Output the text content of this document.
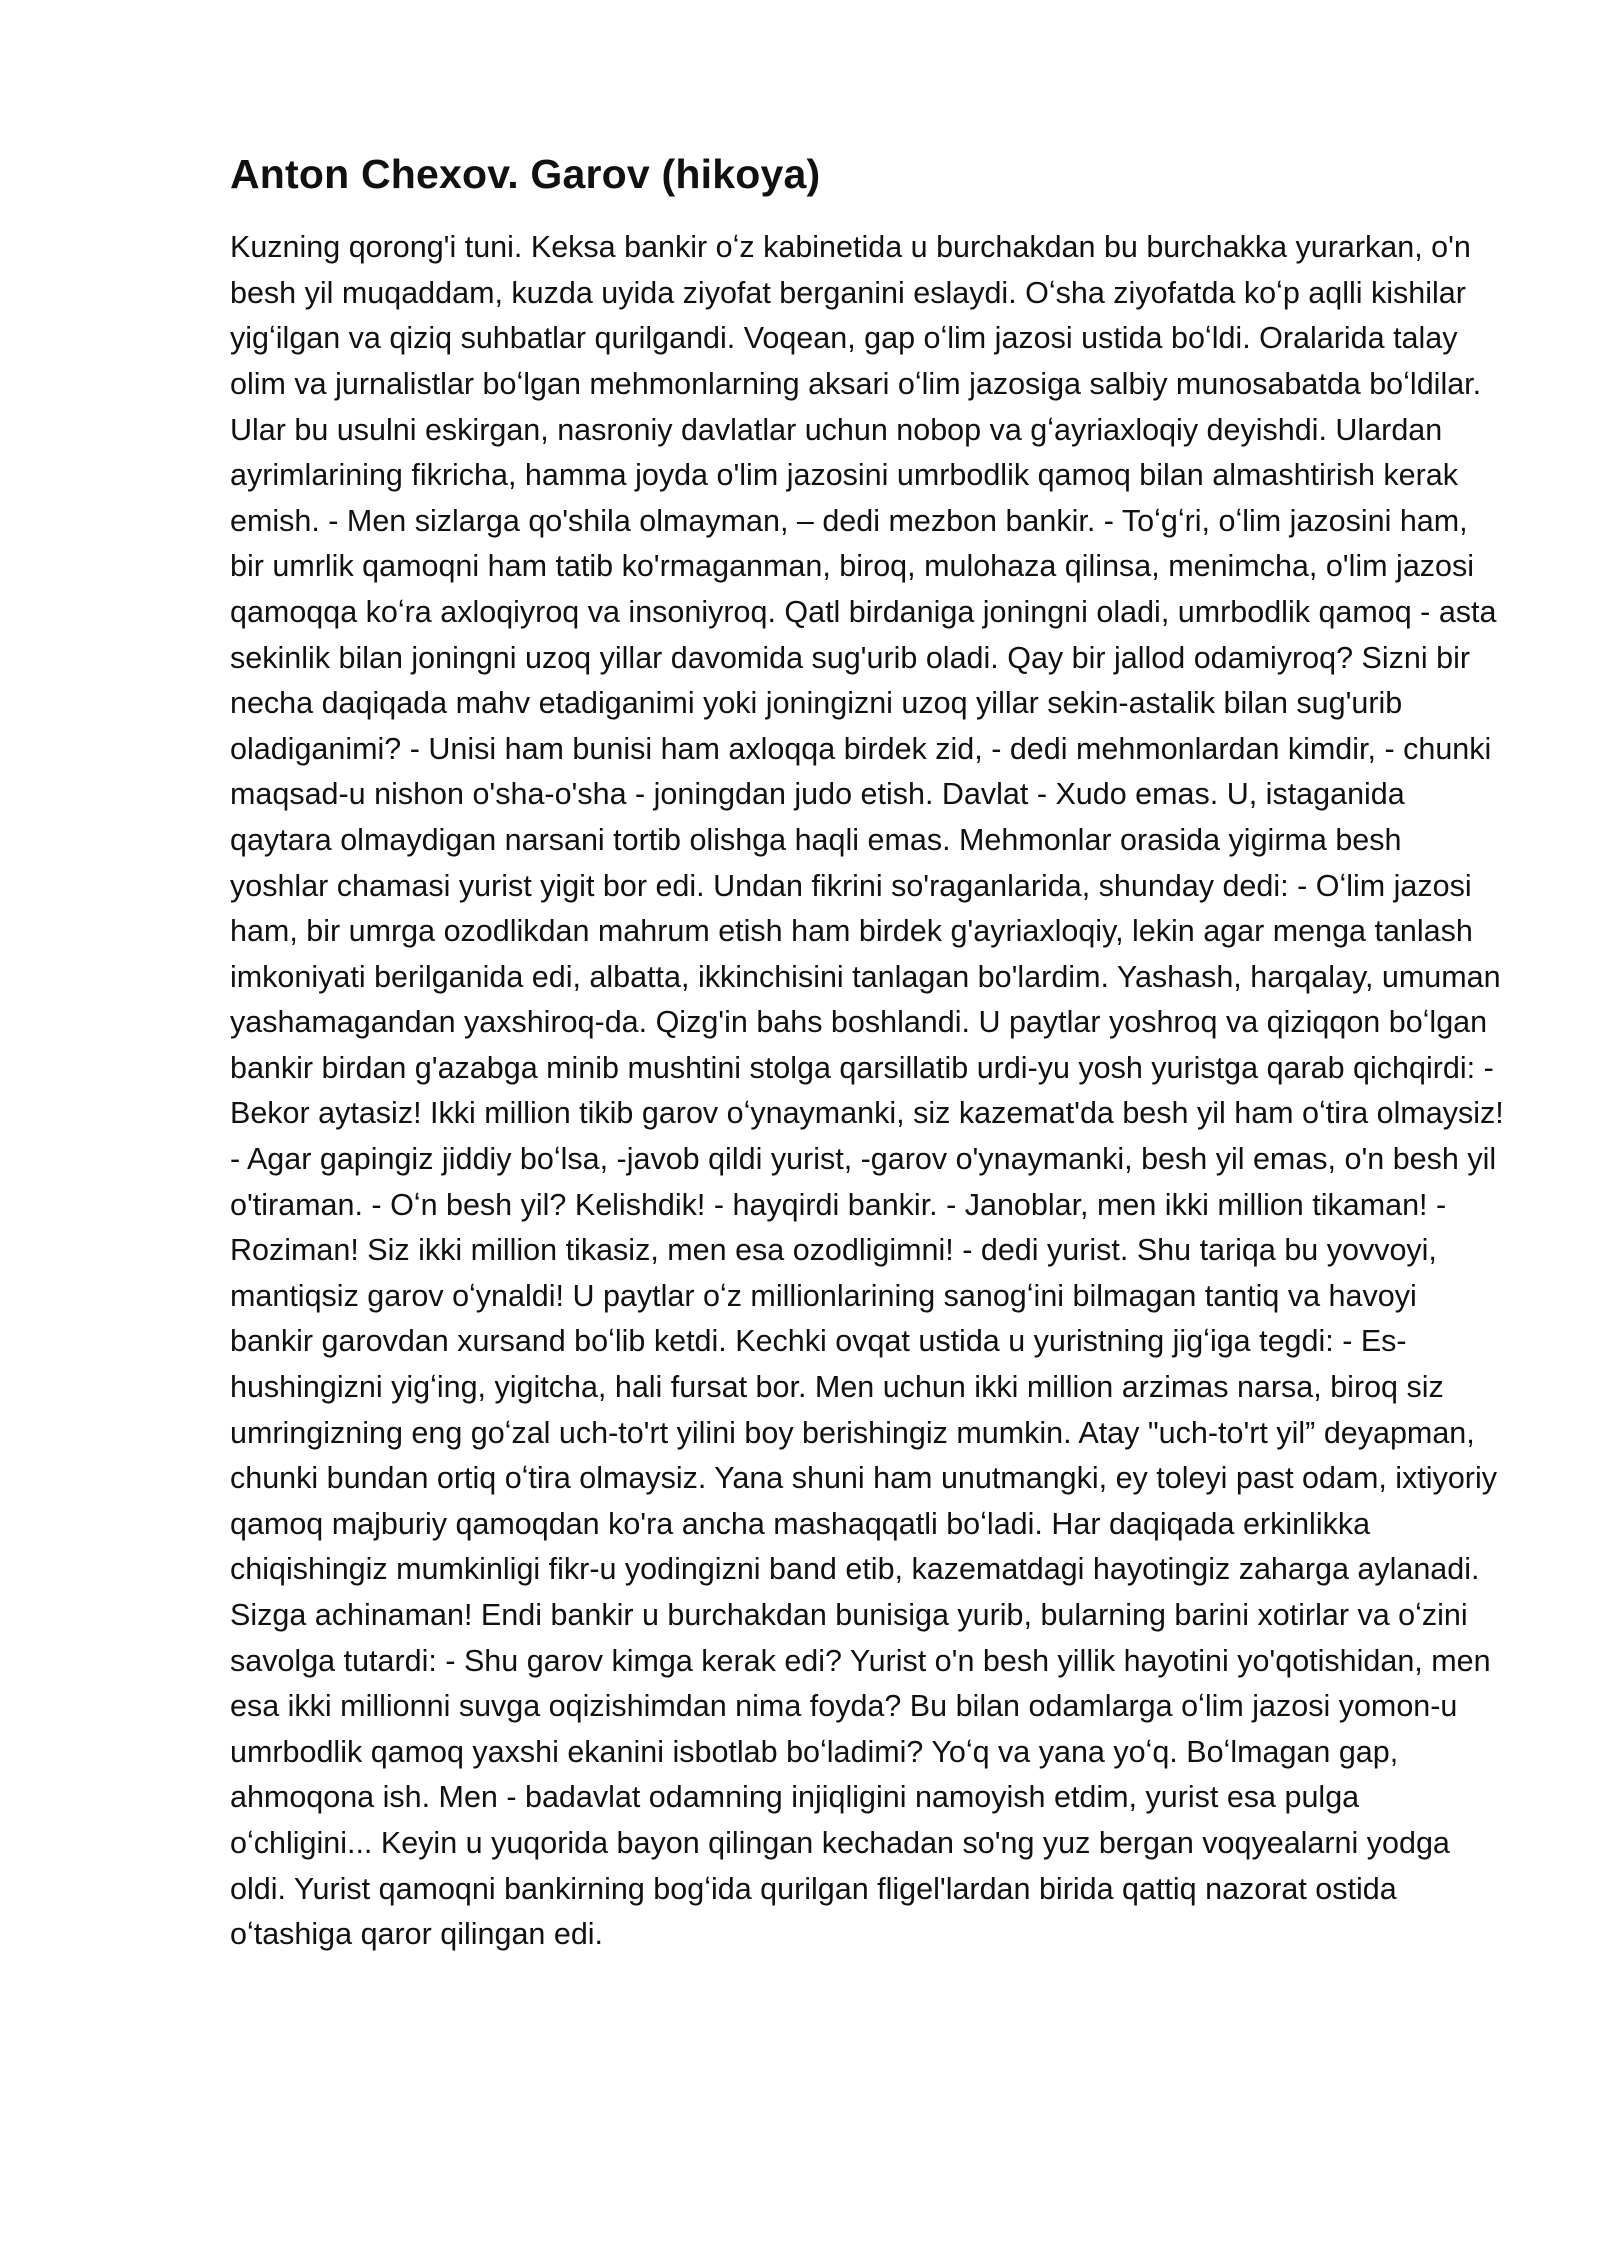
Anton Chexov. Garov (hikoya)

Kuzning qorong'i tuni. Keksa bankir oʻz kabinetida u burchakdan bu burchakka yurarkan, o'n besh yil muqaddam, kuzda uyida ziyofat berganini eslaydi. Oʻsha ziyofatda koʻp aqlli kishilar yigʻilgan va qiziq suhbatlar qurilgandi. Voqean, gap oʻlim jazosi ustida boʻldi. Oralarida talay olim va jurnalistlar boʻlgan mehmonlarning aksari oʻlim jazosiga salbiy munosabatda boʻldilar. Ular bu usulni eskirgan, nasroniy davlatlar uchun nobop va gʻayriaxloqiy deyishdi. Ulardan ayrimlarining fikricha, hamma joyda o'lim jazosini umrbodlik qamoq bilan almashtirish kerak emish. - Men sizlarga qo'shila olmayman, – dedi mezbon bankir. - Toʻgʻri, oʻlim jazosini ham, bir umrlik qamoqni ham tatib ko'rmaganman, biroq, mulohaza qilinsa, menimcha, o'lim jazosi qamoqqa koʻra axloqiyroq va insoniyroq. Qatl birdaniga joningni oladi, umrbodlik qamoq - asta sekinlik bilan joningni uzoq yillar davomida sug'urib oladi. Qay bir jallod odamiyroq? Sizni bir necha daqiqada mahv etadiganimi yoki joningizni uzoq yillar sekin-astalik bilan sug'urib oladiganimi? - Unisi ham bunisi ham axloqqa birdek zid, - dedi mehmonlardan kimdir, - chunki maqsad-u nishon o'sha-o'sha - joningdan judo etish. Davlat - Xudo emas. U, istaganida qaytara olmaydigan narsani tortib olishga haqli emas. Mehmonlar orasida yigirma besh yoshlar chamasi yurist yigit bor edi. Undan fikrini so'raganlarida, shunday dedi: - Oʻlim jazosi ham, bir umrga ozodlikdan mahrum etish ham birdek g'ayriaxloqiy, lekin agar menga tanlash imkoniyati berilganida edi, albatta, ikkinchisini tanlagan bo'lardim. Yashash, harqalay, umuman yashamagandan yaxshiroq-da. Qizg'in bahs boshlandi. U paytlar yoshroq va qiziqqon boʻlgan bankir birdan g'azabga minib mushtini stolga qarsillatib urdi-yu yosh yuristga qarab qichqirdi: - Bekor aytasiz! Ikki million tikib garov oʻynaymanki, siz kazemat'da besh yil ham oʻtira olmaysiz! - Agar gapingiz jiddiy boʻlsa, -javob qildi yurist, -garov o'ynaymanki, besh yil emas, o'n besh yil o'tiraman. - Oʻn besh yil? Kelishdik! - hayqirdi bankir. - Janoblar, men ikki million tikaman! -Roziman! Siz ikki million tikasiz, men esa ozodligimni! - dedi yurist. Shu tariqa bu yovvoyi, mantiqsiz garov oʻynaldi! U paytlar oʻz millionlarining sanogʻini bilmagan tantiq va havoyi bankir garovdan xursand boʻlib ketdi. Kechki ovqat ustida u yuristning jigʻiga tegdi: - Es-hushingizni yigʻing, yigitcha, hali fursat bor. Men uchun ikki million arzimas narsa, biroq siz umringizning eng goʻzal uch-to'rt yilini boy berishingiz mumkin. Atay "uch-to'rt yil” deyapman, chunki bundan ortiq oʻtira olmaysiz. Yana shuni ham unutmangki, ey toleyi past odam, ixtiyoriy qamoq majburiy qamoqdan ko'ra ancha mashaqqatli boʻladi. Har daqiqada erkinlikka chiqishingiz mumkinligi fikr-u yodingizni band etib, kazematdagi hayotingiz zaharga aylanadi. Sizga achinaman! Endi bankir u burchakdan bunisiga yurib, bularning barini xotirlar va oʻzini savolga tutardi: - Shu garov kimga kerak edi? Yurist o'n besh yillik hayotini yo'qotishidan, men esa ikki millionni suvga oqizishimdan nima foyda? Bu bilan odamlarga oʻlim jazosi yomon-u umrbodlik qamoq yaxshi ekanini isbotlab boʻladimi? Yoʻq va yana yoʻq. Boʻlmagan gap, ahmoqona ish. Men - badavlat odamning injiqligini namoyish etdim, yurist esa pulga oʻchligini... Keyin u yuqorida bayon qilingan kechadan so'ng yuz bergan voqyealarni yodga oldi. Yurist qamoqni bankirning bogʻida qurilgan fligel'lardan birida qattiq nazorat ostida oʻtashiga qaror qilingan edi.
